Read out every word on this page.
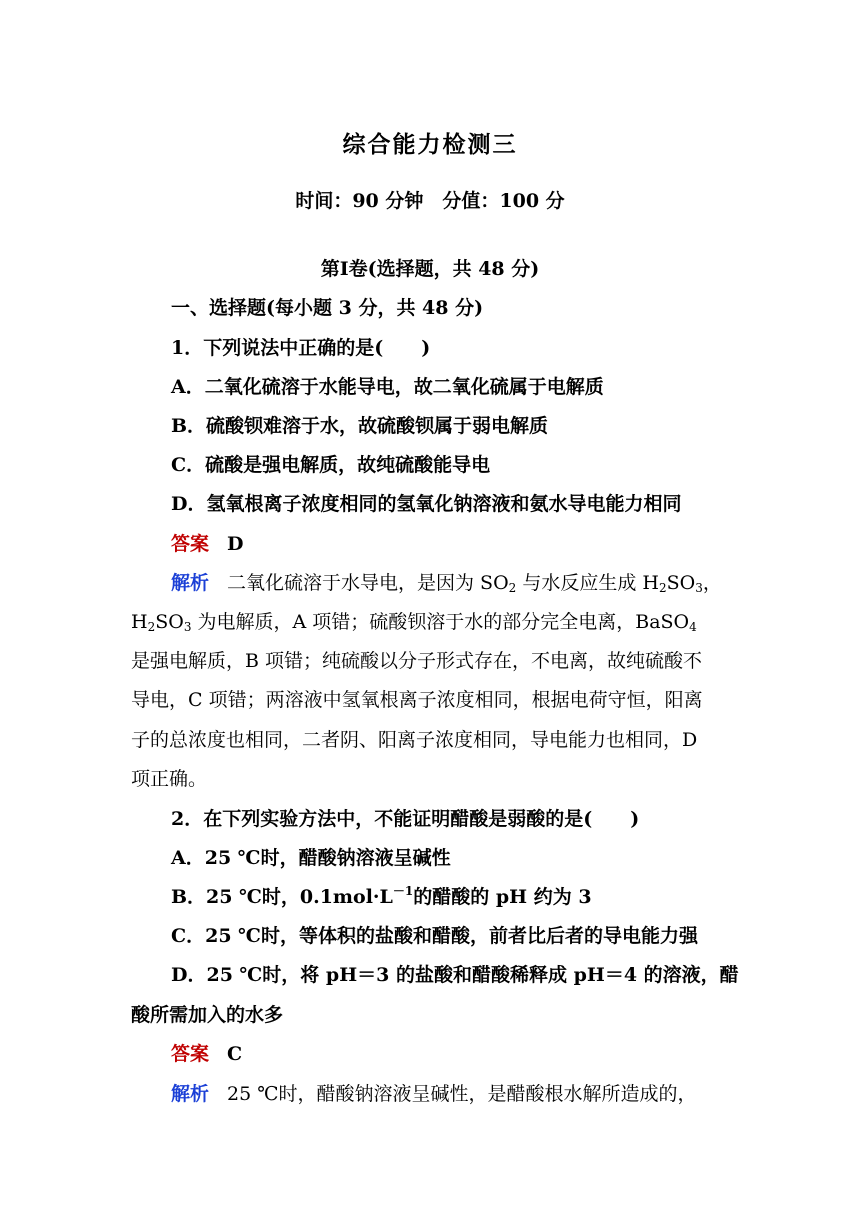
综合能力检测三
时间：90 分钟　分值：100 分
第Ⅰ卷(选择题，共 48 分)
一、选择题(每小题 3 分，共 48 分)
1．下列说法中正确的是(　　)
A．二氧化硫溶于水能导电，故二氧化硫属于电解质
B．硫酸钡难溶于水，故硫酸钡属于弱电解质
C．硫酸是强电解质，故纯硫酸能导电
D．氢氧根离子浓度相同的氢氧化钠溶液和氨水导电能力相同
答案 D
解析 二氧化硫溶于水导电，是因为 $SO_2$ 与水反应生成 $H_2SO_3$，
$H_2SO_3$ 为电解质，A 项错；硫酸钡溶于水的部分完全电离，BaSO$_4$
是强电解质，B 项错；纯硫酸以分子形式存在，不电离，故纯硫酸不
导电，C 项错；两溶液中氢氧根离子浓度相同，根据电荷守恒，阳离
子的总浓度也相同，二者阴、阳离子浓度相同，导电能力也相同，D
项正确。
2．在下列实验方法中，不能证明醋酸是弱酸的是(　　)
A．25 ℃时，醋酸钠溶液呈碱性
B．25 ℃时，$0.1mol\cdot L^{-1}$的醋酸的 pH 约为 3
C．25 ℃时，等体积的盐酸和醋酸，前者比后者的导电能力强
D．25 ℃时，将 pH＝3 的盐酸和醋酸稀释成 pH＝4 的溶液，醋
酸所需加入的水多
答案 C
解析 25 ℃时，醋酸钠溶液呈碱性，是醋酸根水解所造成的，
